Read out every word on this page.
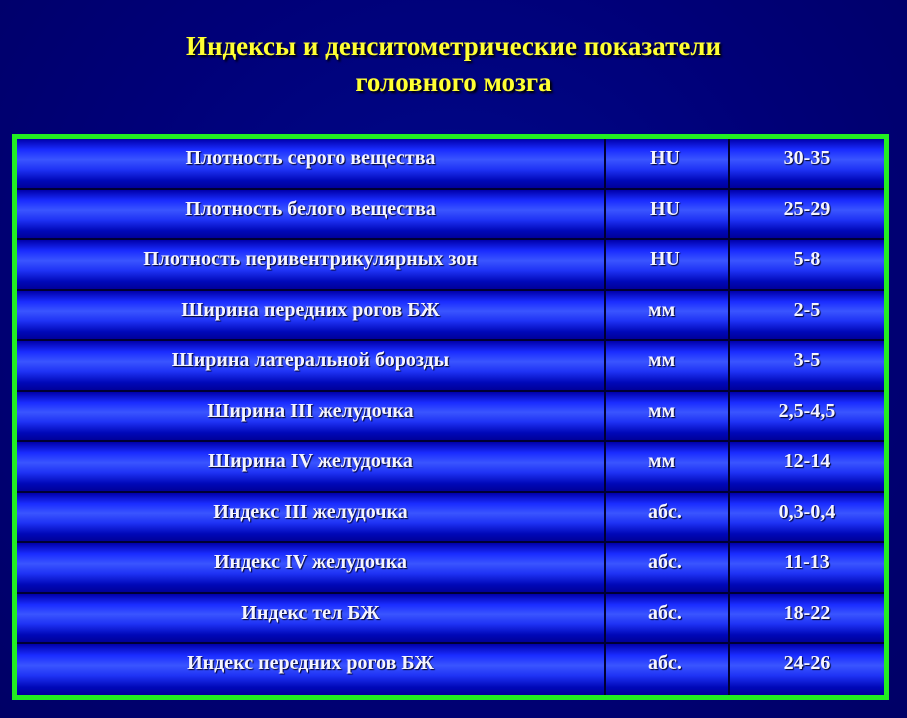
Индексы и денситометрические показатели
головного мозга
Плотность серого вещества	HU	30-35
Плотность белого вещества	HU	25-29
Плотность перивентрикулярных зон	HU	5-8
Ширина передних рогов БЖ	мм	2-5
Ширина латеральной борозды	мм	3-5
Ширина III желудочка	мм	2,5-4,5
Ширина IV желудочка	мм	12-14
Индекс III желудочка	абс.	0,3-0,4
Индекс IV желудочка	абс.	11-13
Индекс тел БЖ	абс.	18-22
Индекс передних рогов БЖ	абс.	24-26
